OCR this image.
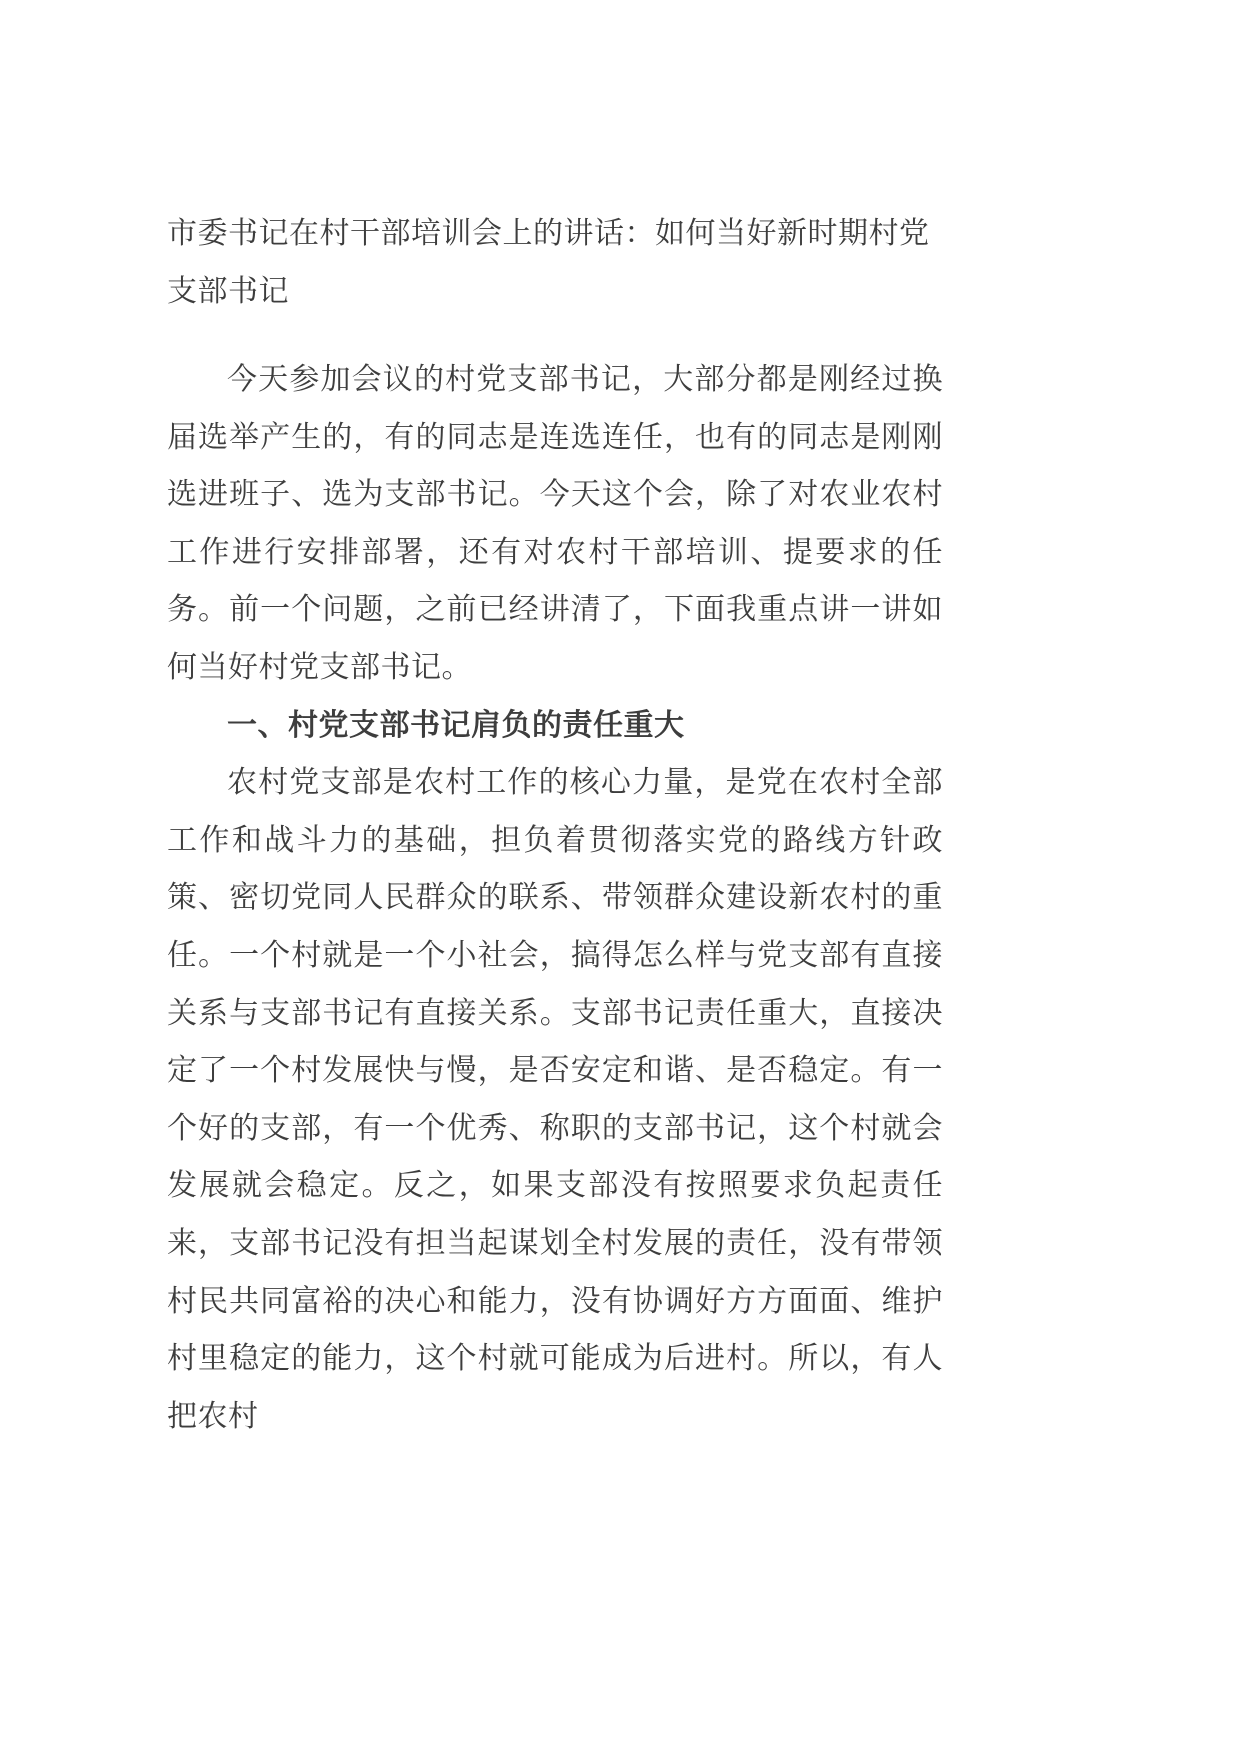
市委书记在村干部培训会上的讲话：如何当好新时期村党支部书记

今天参加会议的村党支部书记，大部分都是刚经过换届选举产生的，有的同志是连选连任，也有的同志是刚刚选进班子、选为支部书记。今天这个会，除了对农业农村工作进行安排部署，还有对农村干部培训、提要求的任务。前一个问题，之前已经讲清了，下面我重点讲一讲如何当好村党支部书记。

一、村党支部书记肩负的责任重大

农村党支部是农村工作的核心力量，是党在农村全部工作和战斗力的基础，担负着贯彻落实党的路线方针政策、密切党同人民群众的联系、带领群众建设新农村的重任。一个村就是一个小社会，搞得怎么样与党支部有直接关系与支部书记有直接关系。支部书记责任重大，直接决定了一个村发展快与慢，是否安定和谐、是否稳定。有一个好的支部，有一个优秀、称职的支部书记，这个村就会发展就会稳定。反之，如果支部没有按照要求负起责任来，支部书记没有担当起谋划全村发展的责任，没有带领村民共同富裕的决心和能力，没有协调好方方面面、维护村里稳定的能力，这个村就可能成为后进村。所以，有人把农村
